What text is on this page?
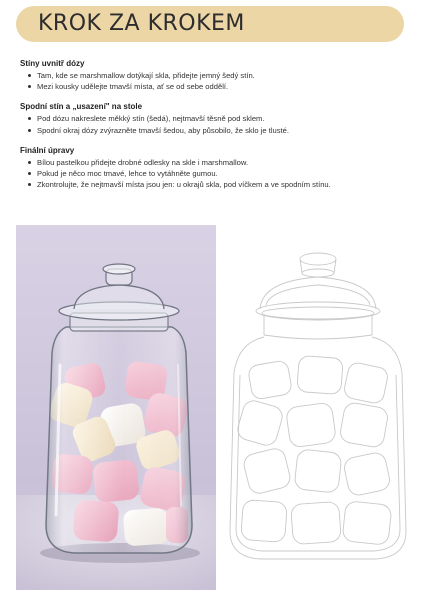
KROK ZA KROKEM
Stíny uvnitř dózy
Tam, kde se marshmallow dotýkají skla, přidejte jemný šedý stín.
Mezi kousky udělejte tmavší místa, ať se od sebe oddělí.
Spodní stín a „usazení" na stole
Pod dózu nakreslete měkký stín (šedá), nejtmavší těsně pod sklem.
Spodní okraj dózy zvýrazněte tmavší šedou, aby působilo, že sklo je tlusté.
Finální úpravy
Bílou pastelkou přidejte drobné odlesky na skle i marshmallow.
Pokud je něco moc tmavé, lehce to vytáhněte gumou.
Zkontrolujte, že nejtmavší místa jsou jen: u okrajů skla, pod víčkem a ve spodním stínu.
